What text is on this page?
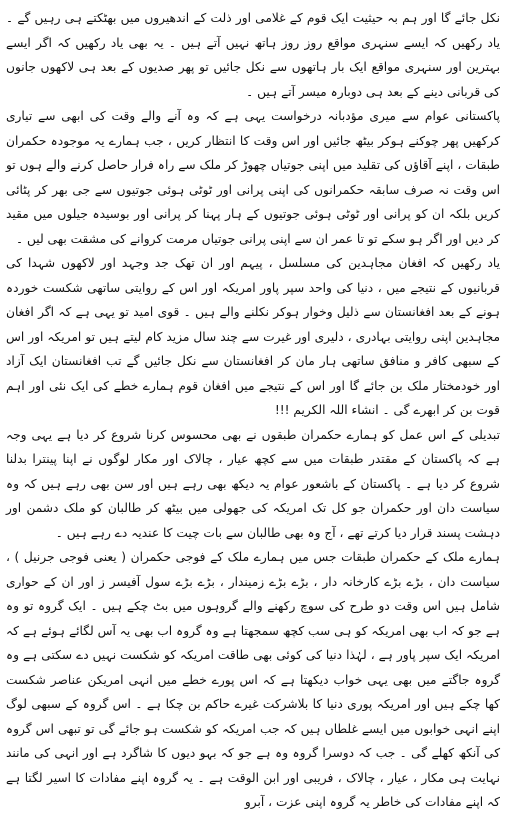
نکل جائے گا اور ہم بہ حیثیت ایک قوم کے غلامی اور ذلت کے اندھیروں میں بھٹکتے ہی رہیں گے ۔ یاد رکھیں کہ ایسے سنہری مواقع روز روز ہاتھ نہیں آتے ہیں ۔ یہ بھی یاد رکھیں کہ اگر ایسے بہترین اور سنہری مواقع ایک بار ہاتھوں سے نکل جائیں تو پھر صدیوں کے بعد ہی لاکھوں جانوں کی قربانی دینے کے بعد ہی دوبارہ میسر آتے ہیں ۔

پاکستانی عوام سے میری مؤدبانہ درخواست یہی ہے کہ وہ آنے والے وقت کی ابھی سے تیاری کرکھیں پھر چوکنے ہوکر بیٹھ جائیں اور اس وقت کا انتظار کریں ، جب ہمارے یہ موجودہ حکمران طبقات ، اپنے آقاؤں کی تقلید میں اپنی جوتیاں چھوڑ کر ملک سے راہ فرار حاصل کرنے والے ہوں تو اس وقت نہ صرف سابقہ حکمرانوں کی اپنی پرانی اور ٹوٹی ہوئی جوتیوں سے جی بھر کر پٹائی کریں بلکہ ان کو پرانی اور ٹوٹی ہوئی جوتیوں کے ہار پہنا کر پرانی اور بوسیدہ جیلوں میں مقید کر دیں اور اگر ہو سکے تو تا عمر ان سے اپنی پرانی جوتیاں مرمت کروانے کی مشقت بھی لیں ۔

یاد رکھیں کہ افغان مجاہدین کی مسلسل ، پیہم اور ان تھک جد وجہد اور لاکھوں شہدا کی قربانیوں کے نتیجے میں ، دنیا کی واحد سپر پاور امریکہ اور اس کے روایتی ساتھی شکست خوردہ ہونے کے بعد افغانستان سے ذلیل وخوار ہوکر نکلنے والے ہیں ۔ قوی امید تو یہی ہے کہ اگر افغان مجاہدین اپنی روایتی بہادری ، دلیری اور غیرت سے چند سال مزید کام لیتے ہیں تو امریکہ اور اس کے سبھی کافر و منافق ساتھی ہار مان کر افغانستان سے نکل جائیں گے تب افغانستان ایک آزاد اور خودمختار ملک بن جائے گا اور اس کے نتیجے میں افغان قوم ہمارے خطے کی ایک نئی اور اہم قوت بن کر ابھرے گی ۔ انشاء اللہ الکریم !!!

تبدیلی کے اس عمل کو ہمارے حکمران طبقوں نے بھی محسوس کرنا شروع کر دیا ہے یہی وجہ ہے کہ پاکستان کے مقتدر طبقات میں سے کچھ عیار ، چالاک اور مکار لوگوں نے اپنا پینترا بدلنا شروع کر دیا ہے ۔ پاکستان کے باشعور عوام یہ دیکھ بھی رہے ہیں اور سن بھی رہے ہیں کہ وہ سیاست دان اور حکمران جو کل تک امریکہ کی جھولی میں بیٹھ کر طالبان کو ملک دشمن اور دہشت پسند قرار دیا کرتے تھے ، آج وہ بھی طالبان سے بات چیت کا عندیہ دے رہے ہیں ۔

ہمارے ملک کے حکمران طبقات جس میں ہمارے ملک کے فوجی حکمران ( یعنی فوجی جرنیل ) ، سیاست دان ، بڑے بڑے کارخانہ دار ، بڑے بڑے زمیندار ، بڑے بڑے سول آفیسر ز اور ان کے حواری شامل ہیں اس وقت دو طرح کی سوچ رکھنے والے گروہوں میں بٹ چکے ہیں ۔ ایک گروہ تو وہ ہے جو کہ اب بھی امریکہ کو ہی سب کچھ سمجھتا ہے وہ گروہ اب بھی یہ آس لگائے ہوئے ہے کہ امریکہ ایک سپر پاور ہے ، لہٰذا دنیا کی کوئی بھی طاقت امریکہ کو شکست نہیں دے سکتی ہے وہ گروہ جاگتے میں بھی یہی خواب دیکھتا ہے کہ اس پورے خطے میں انہی امریکن عناصر شکست کھا چکے ہیں اور امریکہ پوری دنیا کا بلاشرکت غیرے حاکم بن چکا ہے ۔ اس گروہ کے سبھی لوگ اپنے انہی خوابوں میں ایسے غلطاں ہیں کہ جب امریکہ کو شکست ہو جائے گی تو تبھی اس گروہ کی آنکھ کھلے گی ۔ جب کہ دوسرا گروہ وہ ہے جو کہ بہو دیوں کا شاگرد ہے اور انہی کی مانند نہایت ہی مکار ، عیار ، چالاک ، فریبی اور ابن الوقت ہے ۔ یہ گروہ اپنے مفادات کا اسیر لگتا ہے کہ اپنے مفادات کی خاطر یہ گروہ اپنی عزت ، آبرو
